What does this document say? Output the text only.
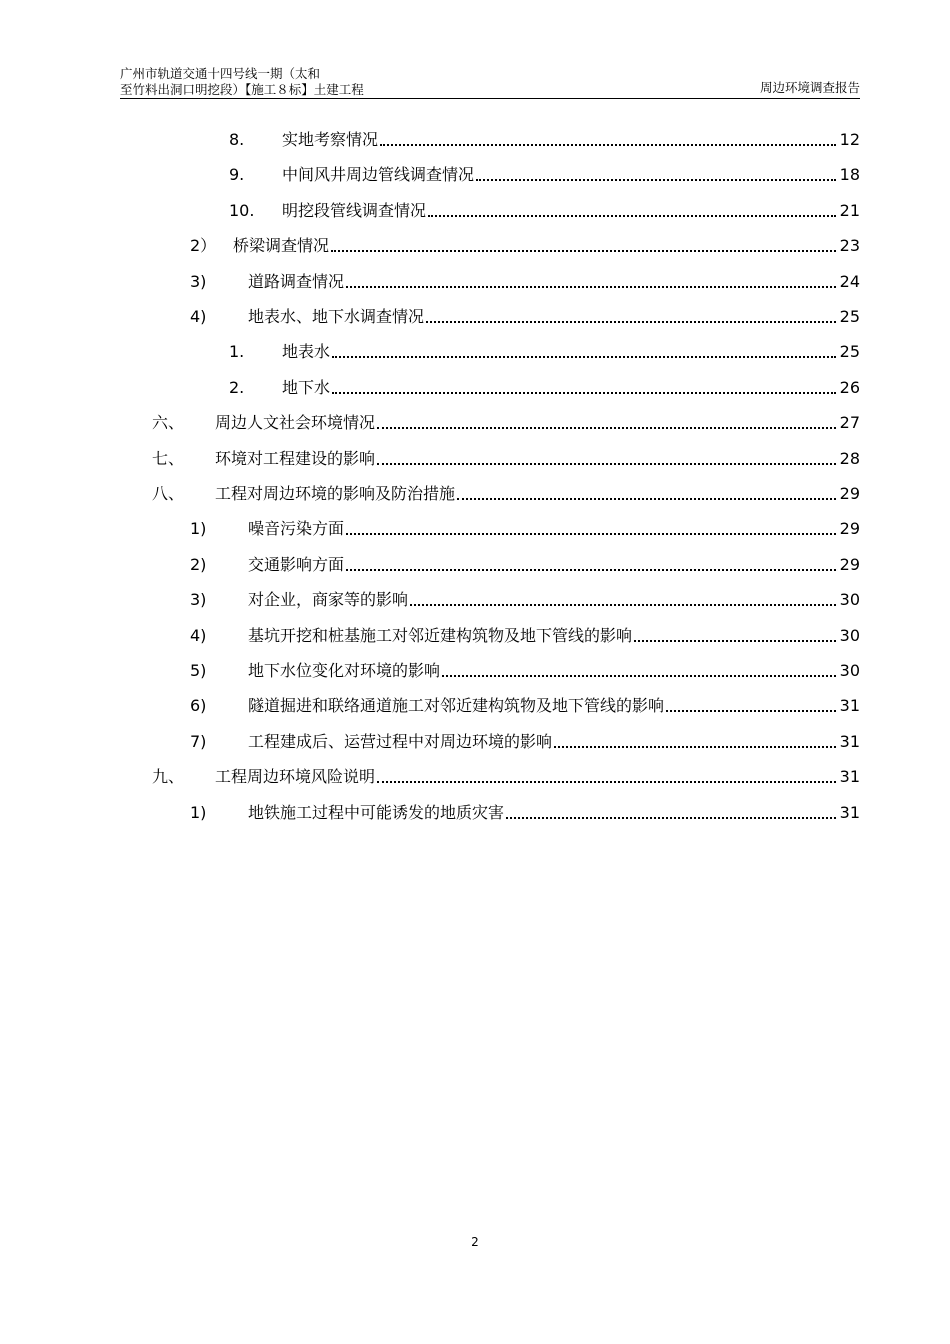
广州市轨道交通十四号线一期（太和
至竹料出洞口明挖段）【施工８标】土建工程	周边环境调查报告
8.	实地考察情况	12
9.	中间风井周边管线调查情况	18
10.	明挖段管线调查情况	21
2）	桥梁调查情况	23
3)	道路调查情况	24
4)	地表水、地下水调查情况	25
1.	地表水	25
2.	地下水	26
六、	周边人文社会环境情况	27
七、	环境对工程建设的影响	28
八、	工程对周边环境的影响及防治措施	29
1)	噪音污染方面	29
2)	交通影响方面	29
3)	对企业，商家等的影响	30
4)	基坑开挖和桩基施工对邻近建构筑物及地下管线的影响	30
5)	地下水位变化对环境的影响	30
6)	隧道掘进和联络通道施工对邻近建构筑物及地下管线的影响	31
7)	工程建成后、运营过程中对周边环境的影响	31
九、	工程周边环境风险说明	31
1)	地铁施工过程中可能诱发的地质灾害	31
2
